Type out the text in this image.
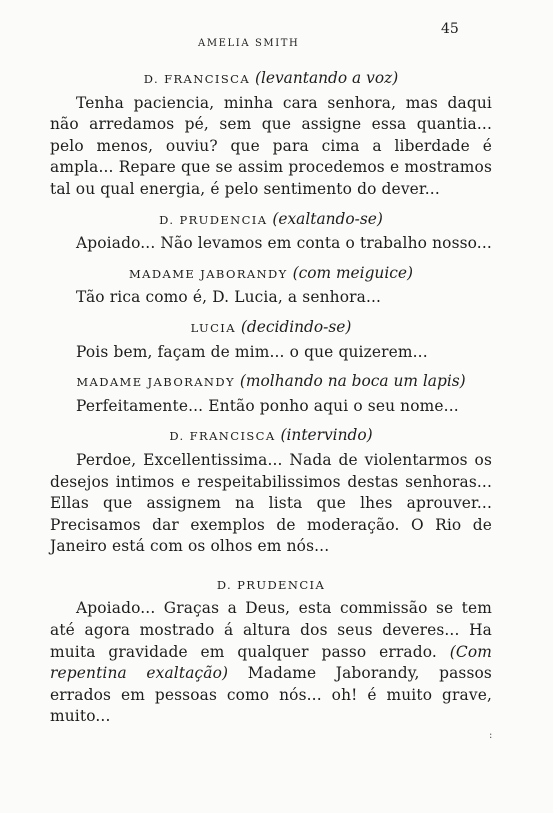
AMELIA SMITH
45
D. FRANCISCA (levantando a voz)

Tenha paciencia, minha cara senhora, mas daqui não arredamos pé, sem que assigne essa quantia... pelo menos, ouviu? que para cima a liberdade é ampla... Repare que se assim procedemos e mostramos tal ou qual energia, é pelo sentimento do dever...

D. PRUDENCIA (exaltando-se)

Apoiado... Não levamos em conta o trabalho nosso...

MADAME JABORANDY (com meiguice)

Tão rica como é, D. Lucia, a senhora...

LUCIA (decidindo-se)

Pois bem, façam de mim... o que quizerem...

MADAME JABORANDY (molhando na boca um lapis)

Perfeitamente... Então ponho aqui o seu nome...

D. FRANCISCA (intervindo)

Perdoe, Excellentissima... Nada de violentarmos os desejos intimos e respeitabilissimos destas senhoras... Ellas que assignem na lista que lhes aprouver... Precisamos dar exemplos de moderação. O Rio de Janeiro está com os olhos em nós...

D. PRUDENCIA

Apoiado... Graças a Deus, esta commissão se tem até agora mostrado á altura dos seus deveres... Ha muita gravidade em qualquer passo errado. (Com repentina exaltação) Madame Jaborandy, passos errados em pessoas como nós... oh! é muito grave, muito...

:
